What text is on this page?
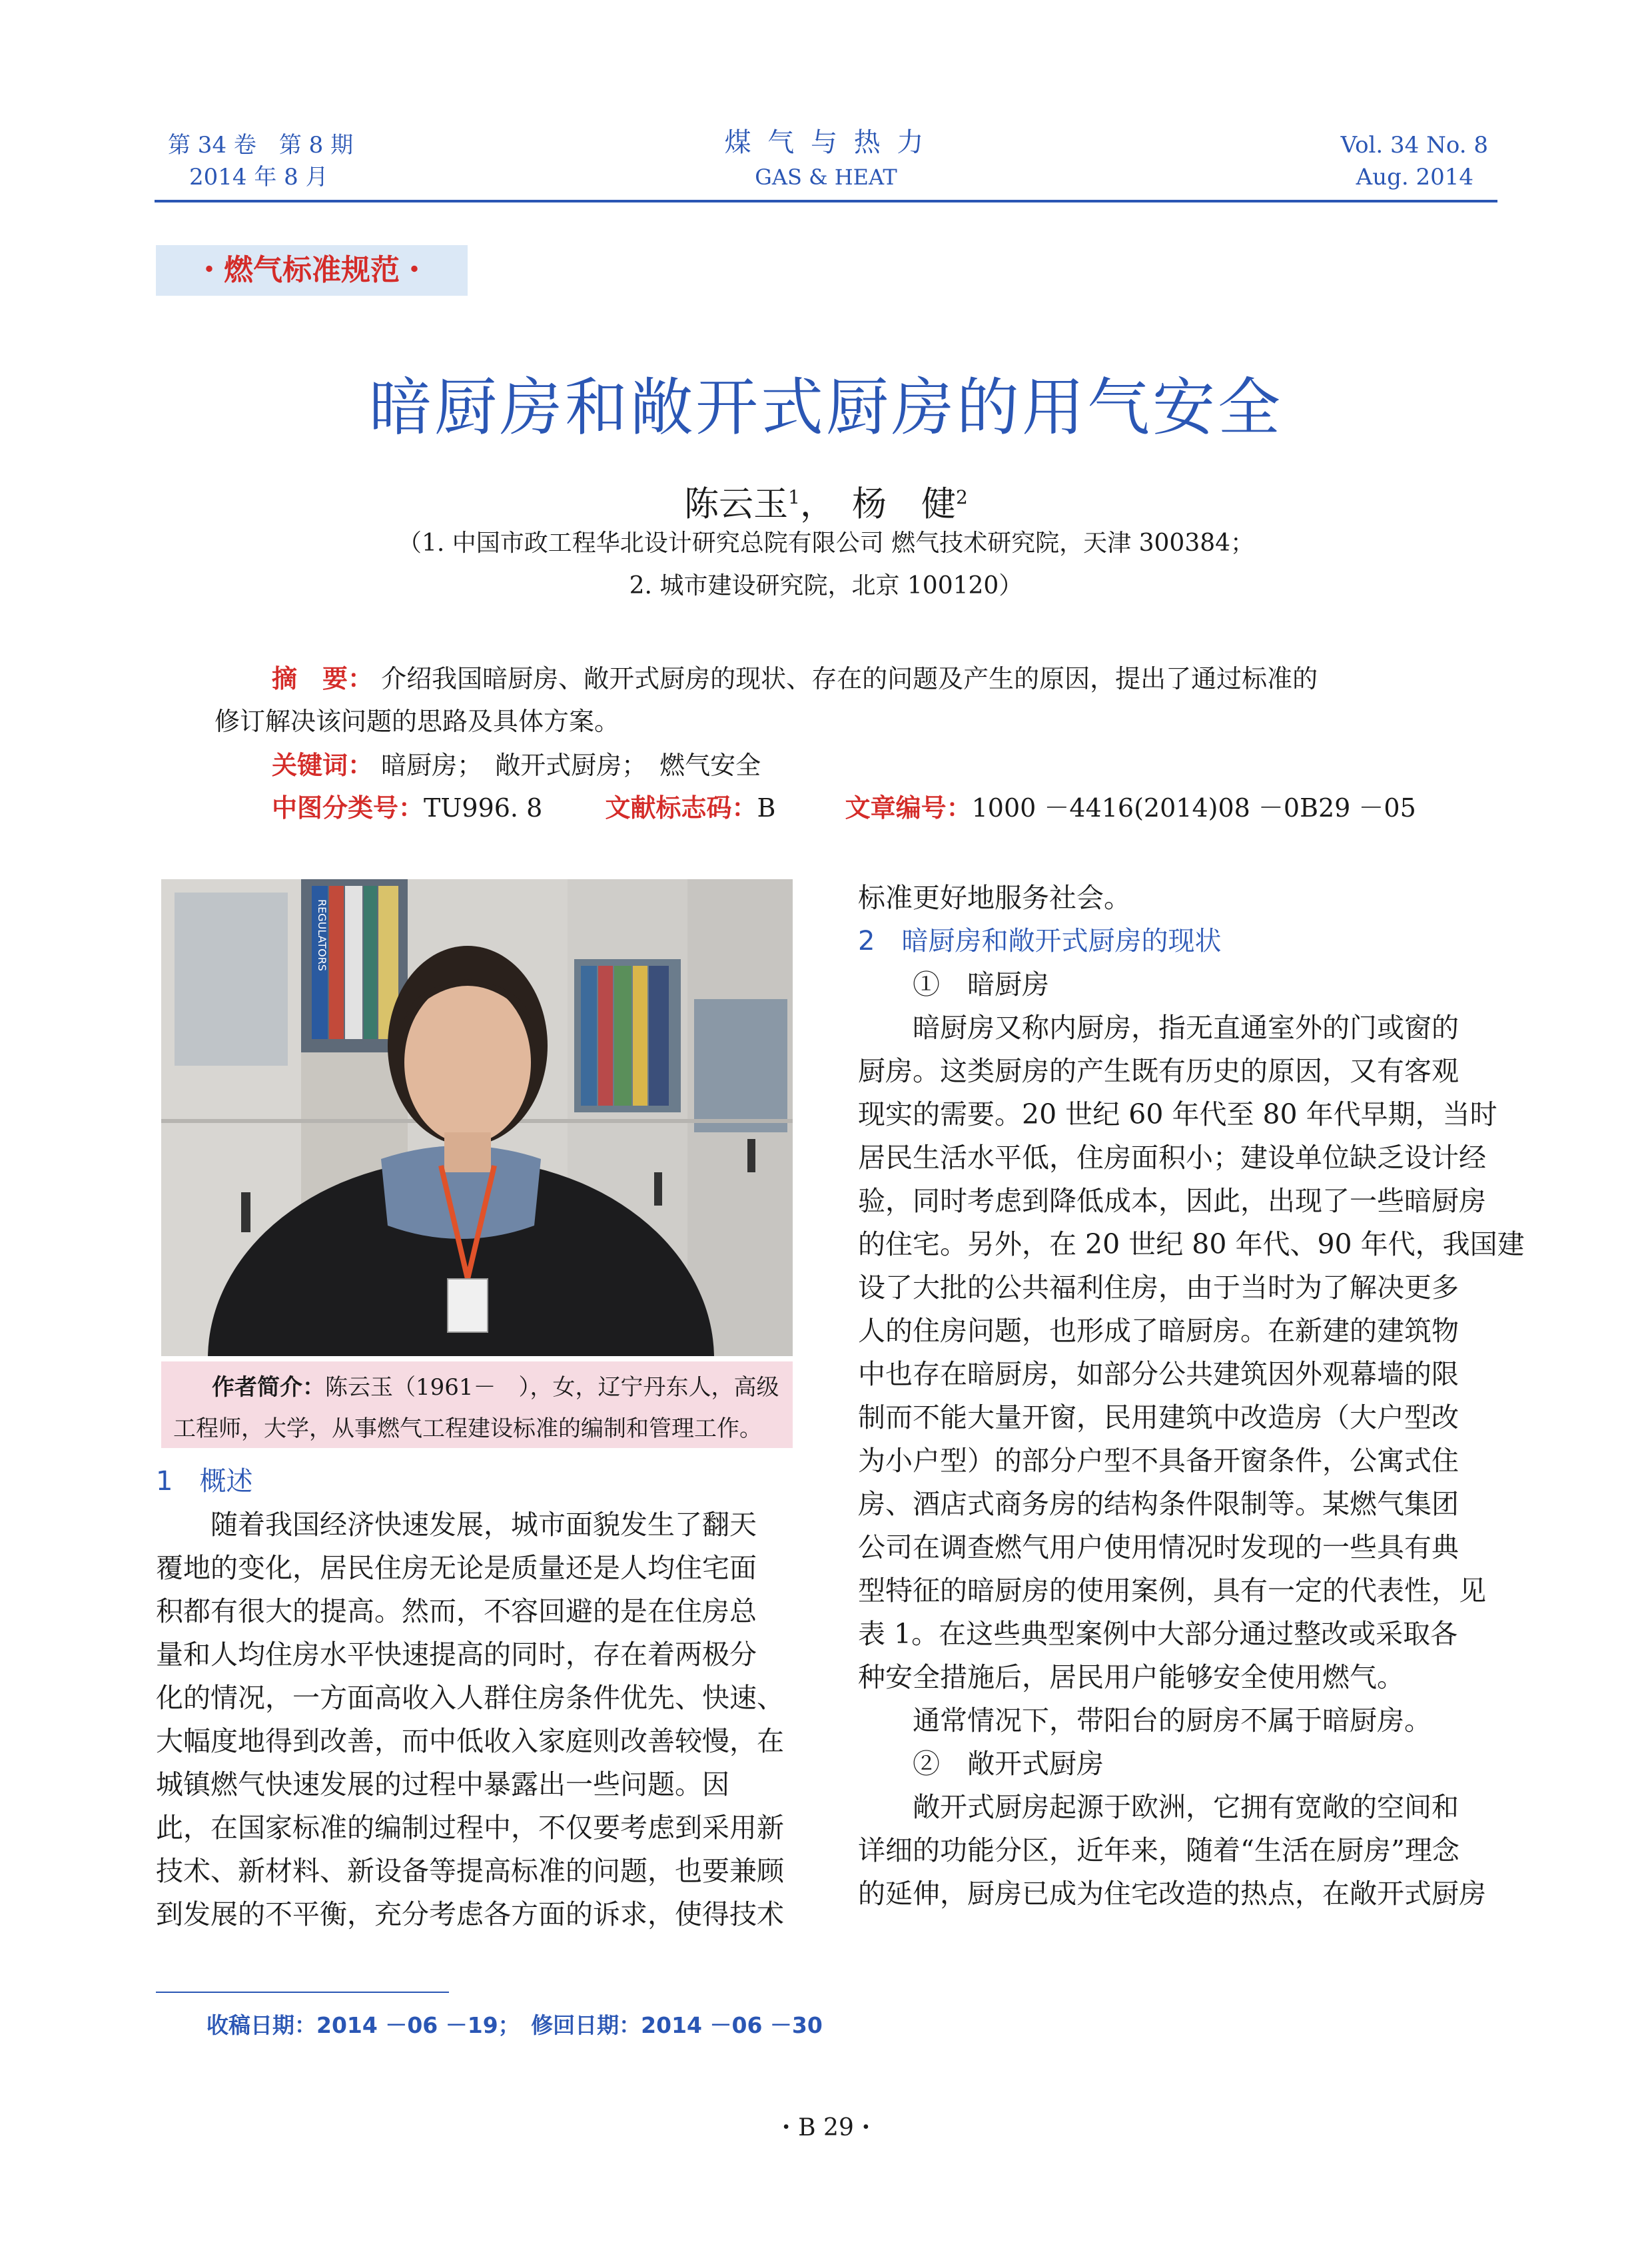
第 34 卷　第 8 期
2014 年 8 月
煤 气 与 热 力
GAS & HEAT
Vol. 34 No. 8
Aug. 2014
・燃气标准规范・
暗厨房和敞开式厨房的用气安全
陈云玉$^1$，　杨　健$^2$
（1. 中国市政工程华北设计研究总院有限公司 燃气技术研究院，天津 300384；
2. 城市建设研究院，北京 100120）
摘　要： 介绍我国暗厨房、敞开式厨房的现状、存在的问题及产生的原因，提出了通过标准的
修订解决该问题的思路及具体方案。
关键词： 暗厨房；　敞开式厨房；　燃气安全
中图分类号：TU996. 8 文献标志码：B	文章编号：1000 －4416(2014)08 －0B29 －05
REGULATORS
作者简介：陈云玉（1961－　），女，辽宁丹东人，高级
工程师，大学，从事燃气工程建设标准的编制和管理工作。

1　概述

随着我国经济快速发展，城市面貌发生了翻天

覆地的变化，居民住房无论是质量还是人均住宅面

积都有很大的提高。然而，不容回避的是在住房总

量和人均住房水平快速提高的同时，存在着两极分

化的情况，一方面高收入人群住房条件优先、快速、

大幅度地得到改善，而中低收入家庭则改善较慢，在

城镇燃气快速发展的过程中暴露出一些问题。因

此，在国家标准的编制过程中，不仅要考虑到采用新

技术、新材料、新设备等提高标准的问题，也要兼顾

到发展的不平衡，充分考虑各方面的诉求，使得技术

标准更好地服务社会。

2　暗厨房和敞开式厨房的现状

①　暗厨房

暗厨房又称内厨房，指无直通室外的门或窗的

厨房。这类厨房的产生既有历史的原因，又有客观

现实的需要。20 世纪 60 年代至 80 年代早期，当时

居民生活水平低，住房面积小；建设单位缺乏设计经

验，同时考虑到降低成本，因此，出现了一些暗厨房

的住宅。另外，在 20 世纪 80 年代、90 年代，我国建

设了大批的公共福利住房，由于当时为了解决更多

人的住房问题，也形成了暗厨房。在新建的建筑物

中也存在暗厨房，如部分公共建筑因外观幕墙的限

制而不能大量开窗，民用建筑中改造房（大户型改

为小户型）的部分户型不具备开窗条件，公寓式住

房、酒店式商务房的结构条件限制等。某燃气集团

公司在调查燃气用户使用情况时发现的一些具有典

型特征的暗厨房的使用案例，具有一定的代表性，见

表 1。在这些典型案例中大部分通过整改或采取各

种安全措施后，居民用户能够安全使用燃气。

通常情况下，带阳台的厨房不属于暗厨房。

②　敞开式厨房

敞开式厨房起源于欧洲，它拥有宽敞的空间和

详细的功能分区，近年来，随着“生活在厨房”理念

的延伸，厨房已成为住宅改造的热点，在敞开式厨房

收稿日期：2014 －06 －19；　修回日期：2014 －06 －30
・B 29・
